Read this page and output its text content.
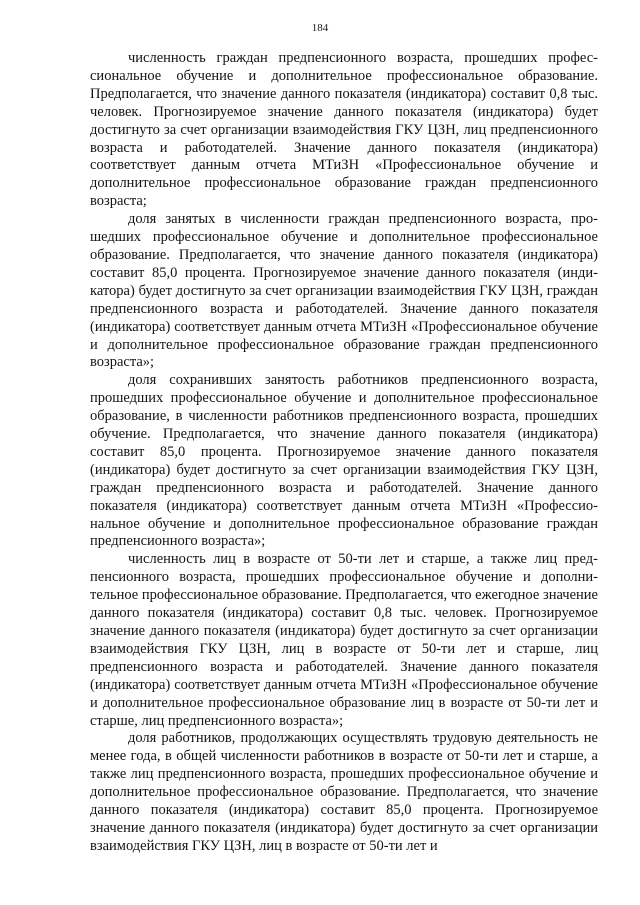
184

численность граждан предпенсионного возраста, прошедших профессиональное обучение и дополнительное профессиональное образование. Предполагается, что значение данного показателя (индикатора) составит 0,8 тыс. человек. Прогнозируемое значение данного показателя (индикатора) будет достигнуто за счет организации взаимодействия ГКУ ЦЗН, лиц предпенсионного возраста и работодателей. Значение данного показателя (индикатора) соответствует данным отчета МТиЗН «Профессиональное обучение и дополнительное профессиональное образование граждан предпенсионного возраста;

доля занятых в численности граждан предпенсионного возраста, прошедших профессиональное обучение и дополнительное профессиональное образование. Предполагается, что значение данного показателя (индикатора) составит 85,0 процента. Прогнозируемое значение данного показателя (индикатора) будет достигнуто за счет организации взаимодействия ГКУ ЦЗН, граждан предпенсионного возраста и работодателей. Значение данного показателя (индикатора) соответствует данным отчета МТиЗН «Профессиональное обучение и дополнительное профессиональное образование граждан предпенсионного возраста»;

доля сохранивших занятость работников предпенсионного возраста, прошедших профессиональное обучение и дополнительное профессиональное образование, в численности работников предпенсионного возраста, прошедших обучение. Предполагается, что значение данного показателя (индикатора) составит 85,0 процента. Прогнозируемое значение данного показателя (индикатора) будет достигнуто за счет организации взаимодействия ГКУ ЦЗН, граждан предпенсионного возраста и работодателей. Значение данного показателя (индикатора) соответствует данным отчета МТиЗН «Профессиональное обучение и дополнительное профессиональное образование граждан предпенсионного возраста»;

численность лиц в возрасте от 50-ти лет и старше, а также лиц предпенсионного возраста, прошедших профессиональное обучение и дополнительное профессиональное образование. Предполагается, что ежегодное значение данного показателя (индикатора) составит 0,8 тыс. человек. Прогнозируемое значение данного показателя (индикатора) будет достигнуто за счет организации взаимодействия ГКУ ЦЗН, лиц в возрасте от 50-ти лет и старше, лиц предпенсионного возраста и работодателей. Значение данного показателя (индикатора) соответствует данным отчета МТиЗН «Профессиональное обучение и дополнительное профессиональное образование лиц в возрасте от 50-ти лет и старше, лиц предпенсионного возраста»;

доля работников, продолжающих осуществлять трудовую деятельность не менее года, в общей численности работников в возрасте от 50-ти лет и старше, а также лиц предпенсионного возраста, прошедших профессиональное обучение и дополнительное профессиональное образование. Предполагается, что значение данного показателя (индикатора) составит 85,0 процента. Прогнозируемое значение данного показателя (индикатора) будет достигнуто за счет организации взаимодействия ГКУ ЦЗН, лиц в возрасте от 50-ти лет и
